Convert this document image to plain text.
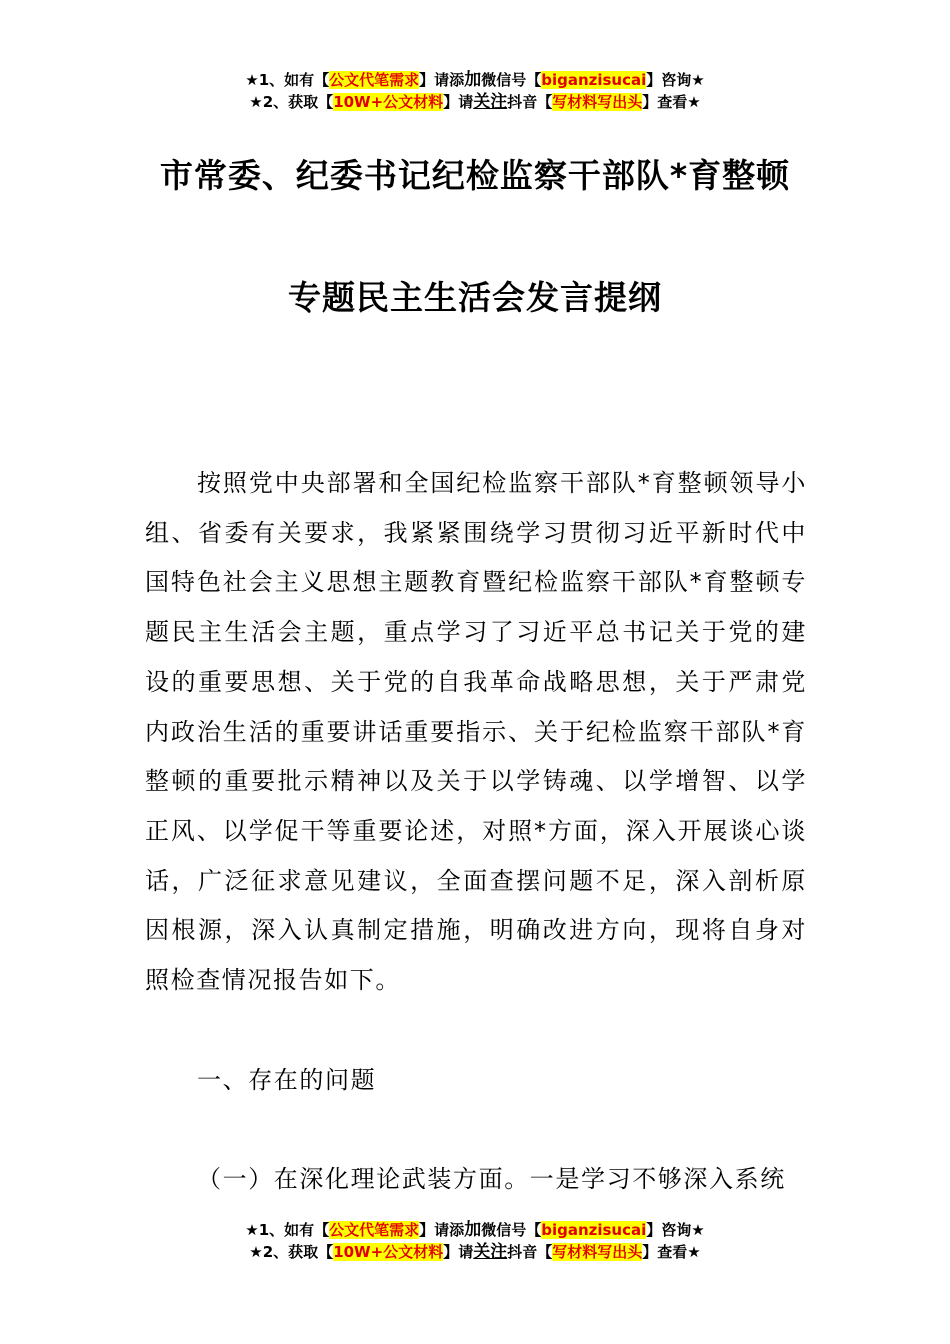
★1、如有【公文代笔需求】请添加微信号【biganzisucai】咨询★
★2、获取【10W+公文材料】请关注抖音【写材料写出头】查看★
市常委、纪委书记纪检监察干部队*育整顿
专题民主生活会发言提纲
按照党中央部署和全国纪检监察干部队*育整顿领导小组、省委有关要求，我紧紧围绕学习贯彻习近平新时代中国特色社会主义思想主题教育暨纪检监察干部队*育整顿专题民主生活会主题，重点学习了习近平总书记关于党的建设的重要思想、关于党的自我革命战略思想，关于严肃党内政治生活的重要讲话重要指示、关于纪检监察干部队*育整顿的重要批示精神以及关于以学铸魂、以学增智、以学正风、以学促干等重要论述，对照*方面，深入开展谈心谈话，广泛征求意见建议，全面查摆问题不足，深入剖析原因根源，深入认真制定措施，明确改进方向，现将自身对照检查情况报告如下。
一、存在的问题
（一）在深化理论武装方面。一是学习不够深入系统
★1、如有【公文代笔需求】请添加微信号【biganzisucai】咨询★
★2、获取【10W+公文材料】请关注抖音【写材料写出头】查看★
